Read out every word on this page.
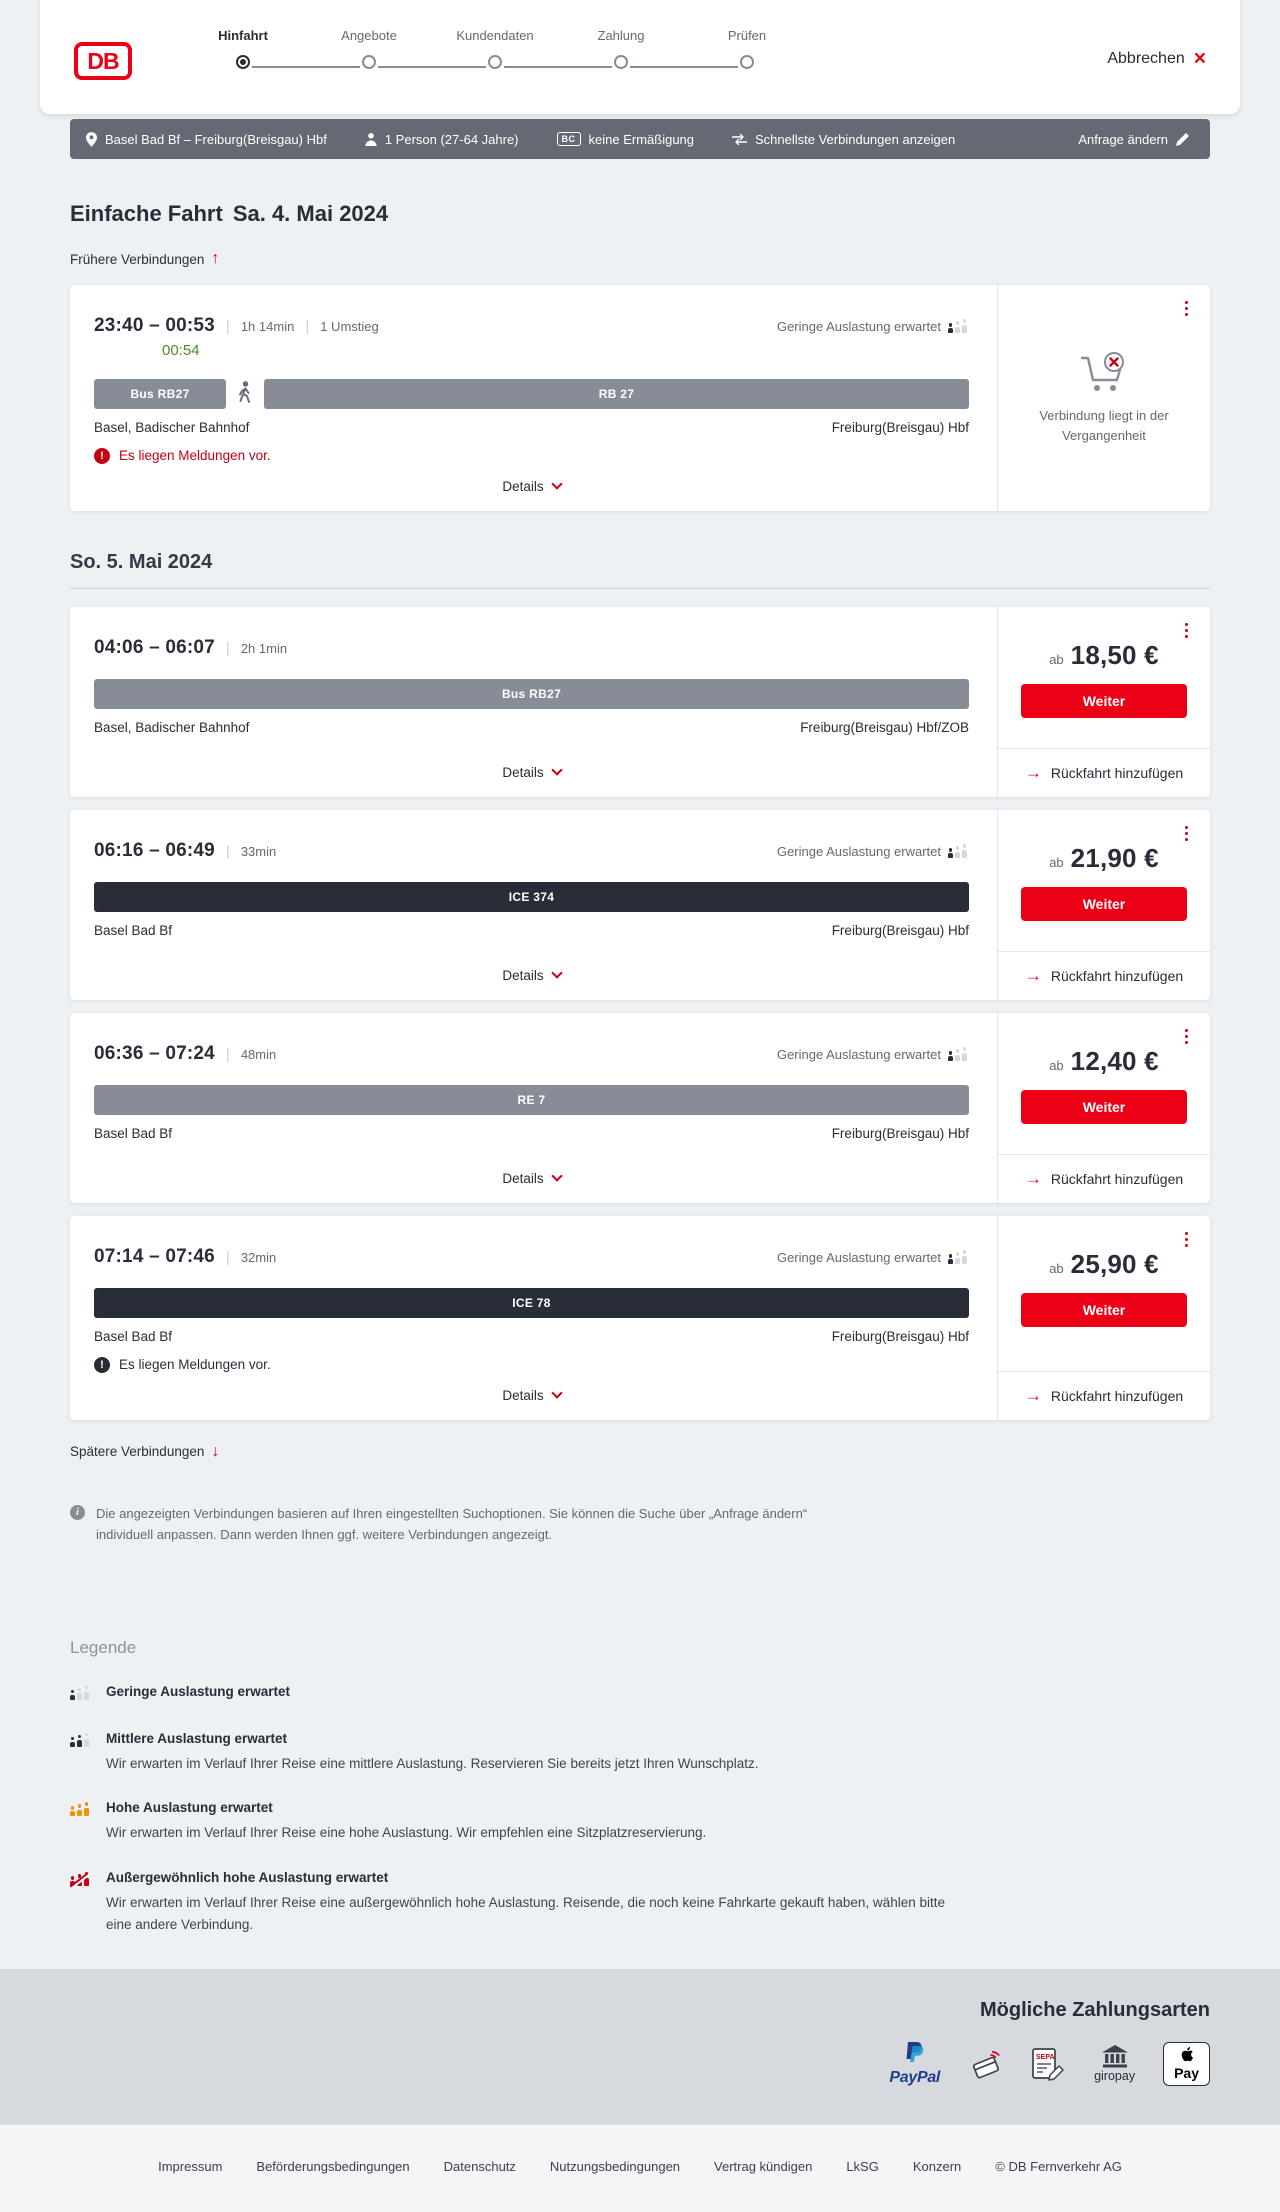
DB
Hinfahrt	Angebote	Kundendaten	Zahlung	Prüfen
Abbrechen ×
Basel Bad Bf – Freiburg(Breisgau) Hbf	1 Person (27-64 Jahre)	BC	keine Ermäßigung	Schnellste Verbindungen anzeigen	Anfrage ändern
Einfache Fahrt Sa. 4. Mai 2024
Frühere Verbindungen ↑
23:40 – 00:53 | 1h 14min | 1 Umstieg	Geringe Auslastung erwartet
00:54
Bus RB27	RB 27
Basel, Badischer Bahnhof	Freiburg(Breisgau) Hbf
!	Es liegen Meldungen vor.
Details
Verbindung liegt in der Vergangenheit
So. 5. Mai 2024
04:06 – 06:07 | 2h 1min
Bus RB27
Basel, Badischer Bahnhof	Freiburg(Breisgau) Hbf/ZOB
Details
ab 18,50 €
Weiter
→ Rückfahrt hinzufügen
06:16 – 06:49 | 33min	Geringe Auslastung erwartet
ICE 374
Basel Bad Bf	Freiburg(Breisgau) Hbf
Details
ab 21,90 €
Weiter
→ Rückfahrt hinzufügen
06:36 – 07:24 | 48min	Geringe Auslastung erwartet
RE 7
Basel Bad Bf	Freiburg(Breisgau) Hbf
Details
ab 12,40 €
Weiter
→ Rückfahrt hinzufügen
07:14 – 07:46 | 32min	Geringe Auslastung erwartet
ICE 78
Basel Bad Bf	Freiburg(Breisgau) Hbf
!	Es liegen Meldungen vor.
Details
ab 25,90 €
Weiter
→ Rückfahrt hinzufügen
Spätere Verbindungen ↓
i	Die angezeigten Verbindungen basieren auf Ihren eingestellten Suchoptionen. Sie können die Suche über „Anfrage ändern“ individuell anpassen. Dann werden Ihnen ggf. weitere Verbindungen angezeigt.

Legende
Geringe Auslastung erwartet
Mittlere Auslastung erwartet

Wir erwarten im Verlauf Ihrer Reise eine mittlere Auslastung. Reservieren Sie bereits jetzt Ihren Wunschplatz.

Hohe Auslastung erwartet

Wir erwarten im Verlauf Ihrer Reise eine hohe Auslastung. Wir empfehlen eine Sitzplatzreservierung.

Außergewöhnlich hohe Auslastung erwartet

Wir erwarten im Verlauf Ihrer Reise eine außergewöhnlich hohe Auslastung. Reisende, die noch keine Fahrkarte gekauft haben, wählen bitte eine andere Verbindung.

Mögliche Zahlungsarten
PayPal
SEPA
giropay	Pay
Impressum	Beförderungsbedingungen	Datenschutz	Nutzungsbedingungen	Vertrag kündigen	LkSG	Konzern	© DB Fernverkehr AG
